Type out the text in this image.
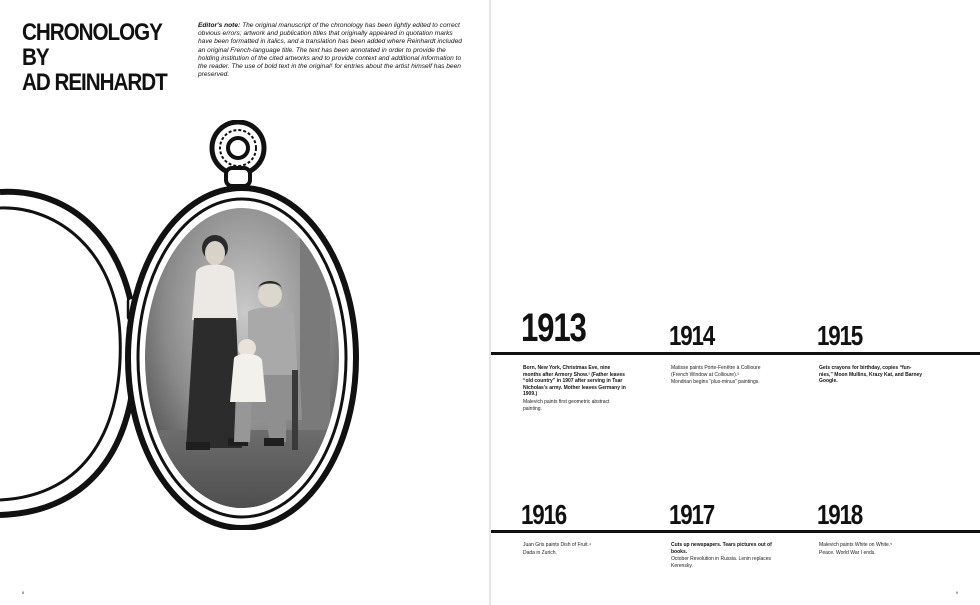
CHRONOLOGY BY
AD REINHARDT
Editor's note: The original manuscript of the chronology has been lightly edited to correct obvious errors; artwork and publication titles that originally appeared in quotation marks have been formatted in italics, and a translation has been added where Reinhardt included an original French-language title. The text has been annotated in order to provide the holding institution of the cited artworks and to provide context and additional information to the reader. The use of bold text in the original¹ for entries about the artist himself has been preserved.
8
1913

Born, New York, Christmas Eve, nine months after Armory Show.² (Father leaves “old country” in 1907 after serving in Tsar Nicholas’s army. Mother leaves Germany in 1909.)

Malevich paints first geometric abstract painting.

1914

Matisse paints Porte-Fenêtre à Collioure (French Window at Collioure).³

Mondrian begins “plus-minus” paintings.

1915

Gets crayons for birthday, copies “fun-nies,” Moon Mullins, Krazy Kat, and Barney Google.

1916

Juan Gris paints Dish of Fruit.⁴

Dada in Zurich.

1917

Cuts up newspapers. Tears pictures out of books.

October Revolution in Russia. Lenin replaces Kerensky.

1918

Malevich paints White on White.⁵

Peace. World War I ends.

9
